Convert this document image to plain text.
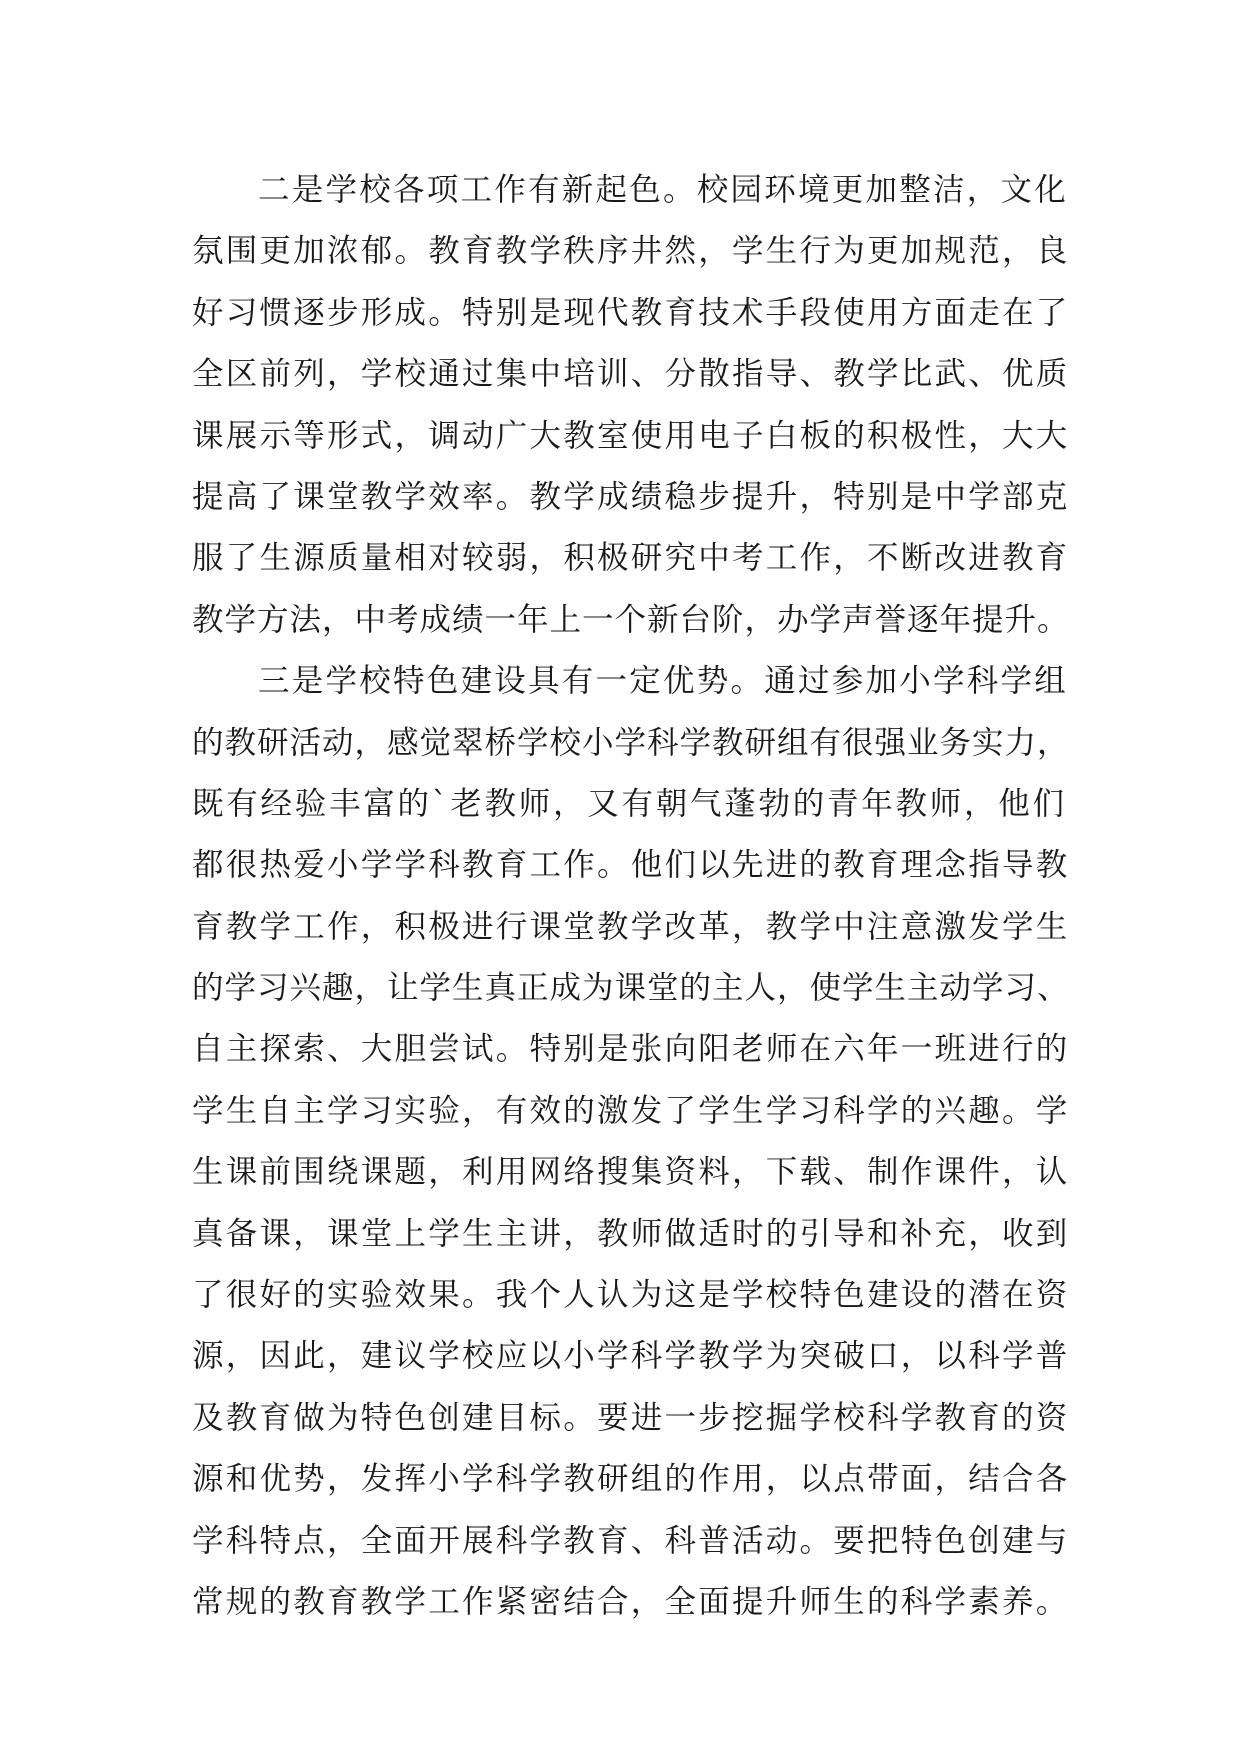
二是学校各项工作有新起色。校园环境更加整洁，文化
氛围更加浓郁。教育教学秩序井然，学生行为更加规范，良
好习惯逐步形成。特别是现代教育技术手段使用方面走在了
全区前列，学校通过集中培训、分散指导、教学比武、优质
课展示等形式，调动广大教室使用电子白板的积极性，大大
提高了课堂教学效率。教学成绩稳步提升，特别是中学部克
服了生源质量相对较弱，积极研究中考工作，不断改进教育
教学方法，中考成绩一年上一个新台阶，办学声誉逐年提升。
三是学校特色建设具有一定优势。通过参加小学科学组
的教研活动，感觉翠桥学校小学科学教研组有很强业务实力，
既有经验丰富的`老教师，又有朝气蓬勃的青年教师，他们
都很热爱小学学科教育工作。他们以先进的教育理念指导教
育教学工作，积极进行课堂教学改革，教学中注意激发学生
的学习兴趣，让学生真正成为课堂的主人，使学生主动学习、
自主探索、大胆尝试。特别是张向阳老师在六年一班进行的
学生自主学习实验，有效的激发了学生学习科学的兴趣。学
生课前围绕课题，利用网络搜集资料，下载、制作课件，认
真备课，课堂上学生主讲，教师做适时的引导和补充，收到
了很好的实验效果。我个人认为这是学校特色建设的潜在资
源，因此，建议学校应以小学科学教学为突破口，以科学普
及教育做为特色创建目标。要进一步挖掘学校科学教育的资
源和优势，发挥小学科学教研组的作用，以点带面，结合各
学科特点，全面开展科学教育、科普活动。要把特色创建与
常规的教育教学工作紧密结合，全面提升师生的科学素养。
